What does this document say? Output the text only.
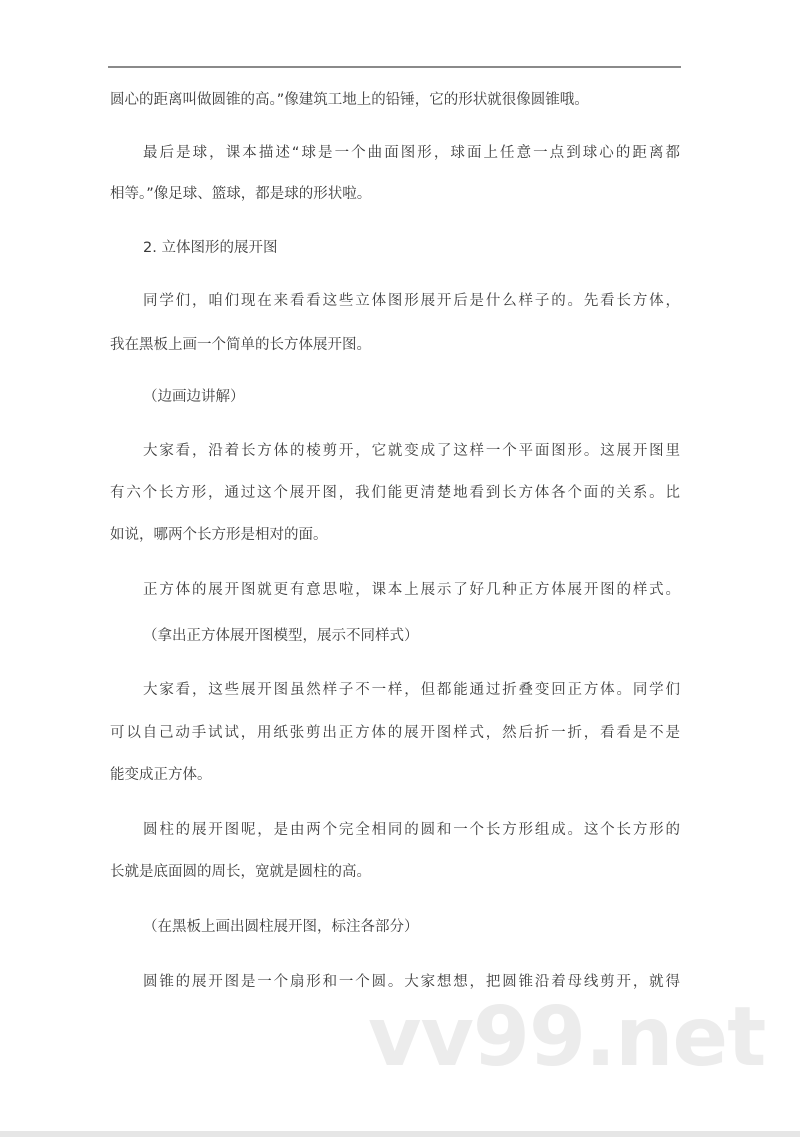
圆心的距离叫做圆锥的高。”像建筑工地上的铅锤，它的形状就很像圆锥哦。
最后是球，课本描述“球是一个曲面图形，球面上任意一点到球心的距离都
相等。”像足球、篮球，都是球的形状啦。
2. 立体图形的展开图
同学们，咱们现在来看看这些立体图形展开后是什么样子的。先看长方体，
我在黑板上画一个简单的长方体展开图。
（边画边讲解）
大家看，沿着长方体的棱剪开，它就变成了这样一个平面图形。这展开图里
有六个长方形，通过这个展开图，我们能更清楚地看到长方体各个面的关系。比
如说，哪两个长方形是相对的面。
正方体的展开图就更有意思啦，课本上展示了好几种正方体展开图的样式。
（拿出正方体展开图模型，展示不同样式）
大家看，这些展开图虽然样子不一样，但都能通过折叠变回正方体。同学们
可以自己动手试试，用纸张剪出正方体的展开图样式，然后折一折，看看是不是
能变成正方体。
圆柱的展开图呢，是由两个完全相同的圆和一个长方形组成。这个长方形的
长就是底面圆的周长，宽就是圆柱的高。
（在黑板上画出圆柱展开图，标注各部分）
圆锥的展开图是一个扇形和一个圆。大家想想，把圆锥沿着母线剪开，就得
vv99.net
